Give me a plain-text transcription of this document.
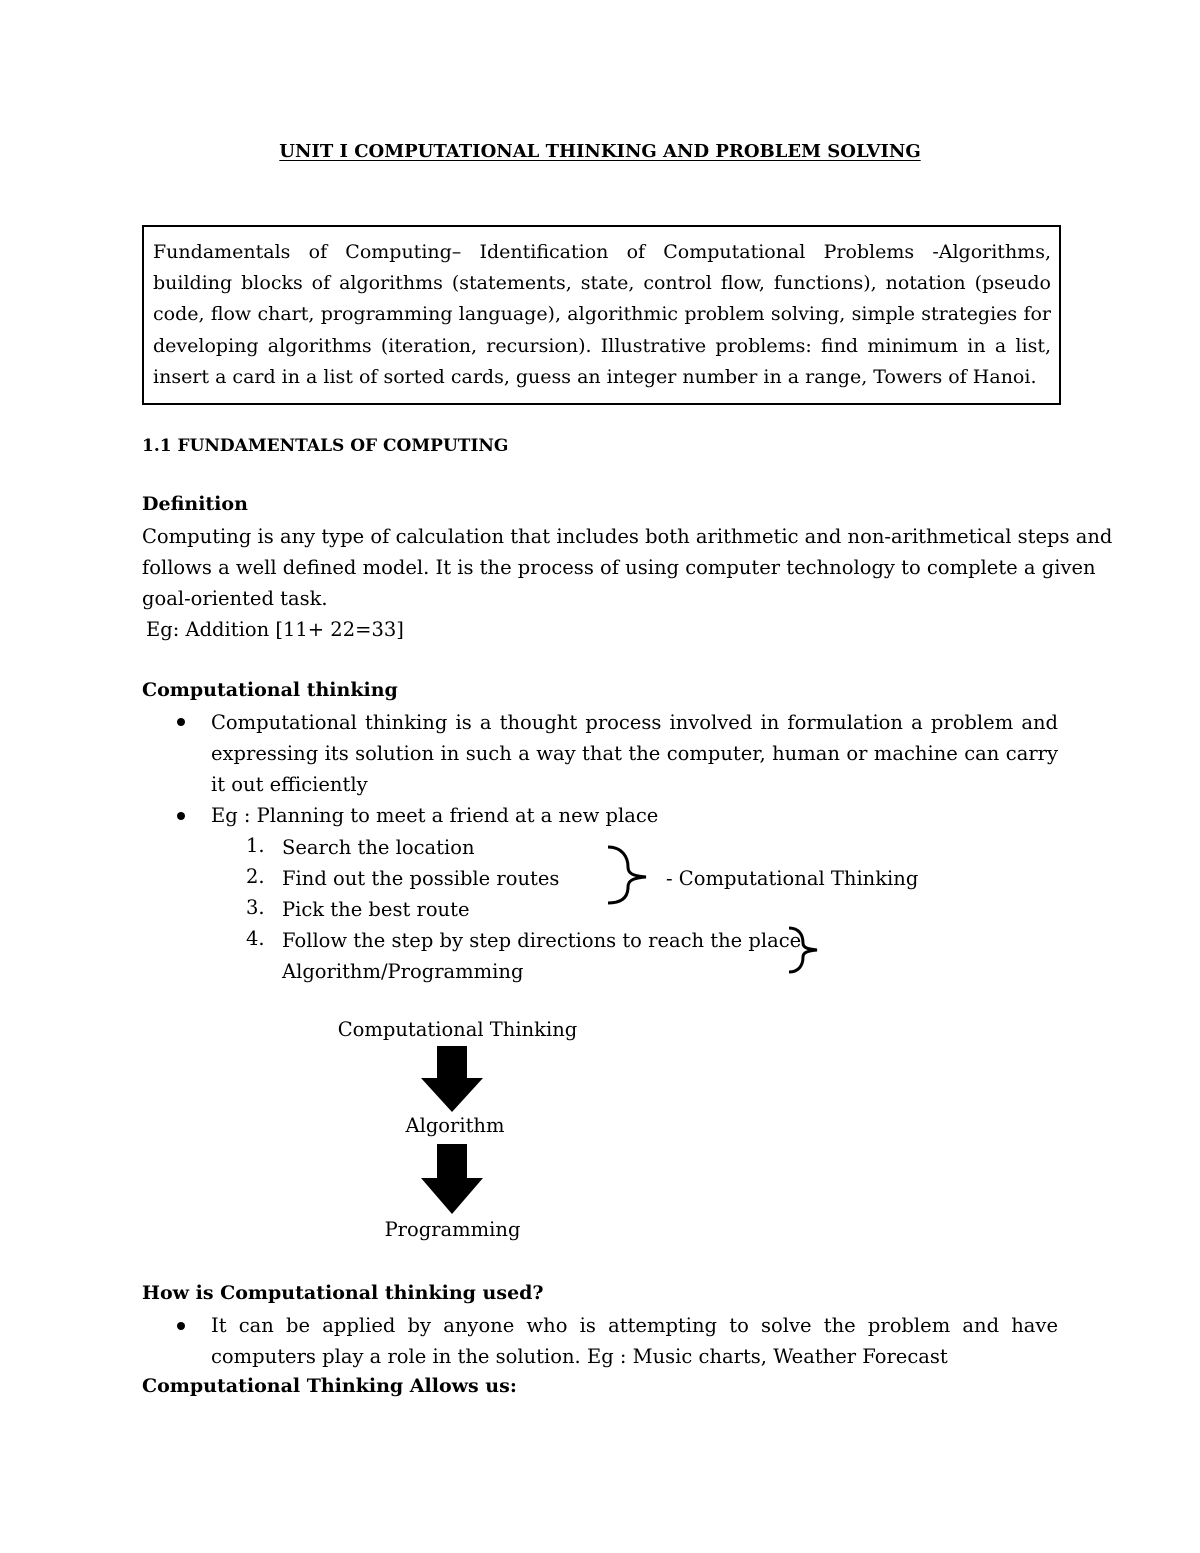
UNIT I COMPUTATIONAL THINKING AND PROBLEM SOLVING
Fundamentals of Computing– Identification of Computational Problems -Algorithms, building blocks of algorithms (statements, state, control flow, functions), notation (pseudo code, flow chart, programming language), algorithmic problem solving, simple strategies for developing algorithms (iteration, recursion). Illustrative problems: find minimum in a list, insert a card in a list of sorted cards, guess an integer number in a range, Towers of Hanoi.
1.1 FUNDAMENTALS OF COMPUTING
Definition
Computing is any type of calculation that includes both arithmetic and non-arithmetical steps and
follows a well defined model. It is the process of using computer technology to complete a given
goal-oriented task.
Eg: Addition [11+ 22=33]
Computational thinking
Computational thinking is a thought process involved in formulation a problem and expressing its solution in such a way that the computer, human or machine can carry it out efficiently
Eg : Planning to meet a friend at a new place
1. Search the location
2. Find out the possible routes
3. Pick the best route
4. Follow the step by step directions to reach the place
Algorithm/Programming
- Computational Thinking
Computational Thinking
Algorithm
Programming
How is Computational thinking used?
It can be applied by anyone who is attempting to solve the problem and have computers play a role in the solution. Eg : Music charts, Weather Forecast
Computational Thinking Allows us:
